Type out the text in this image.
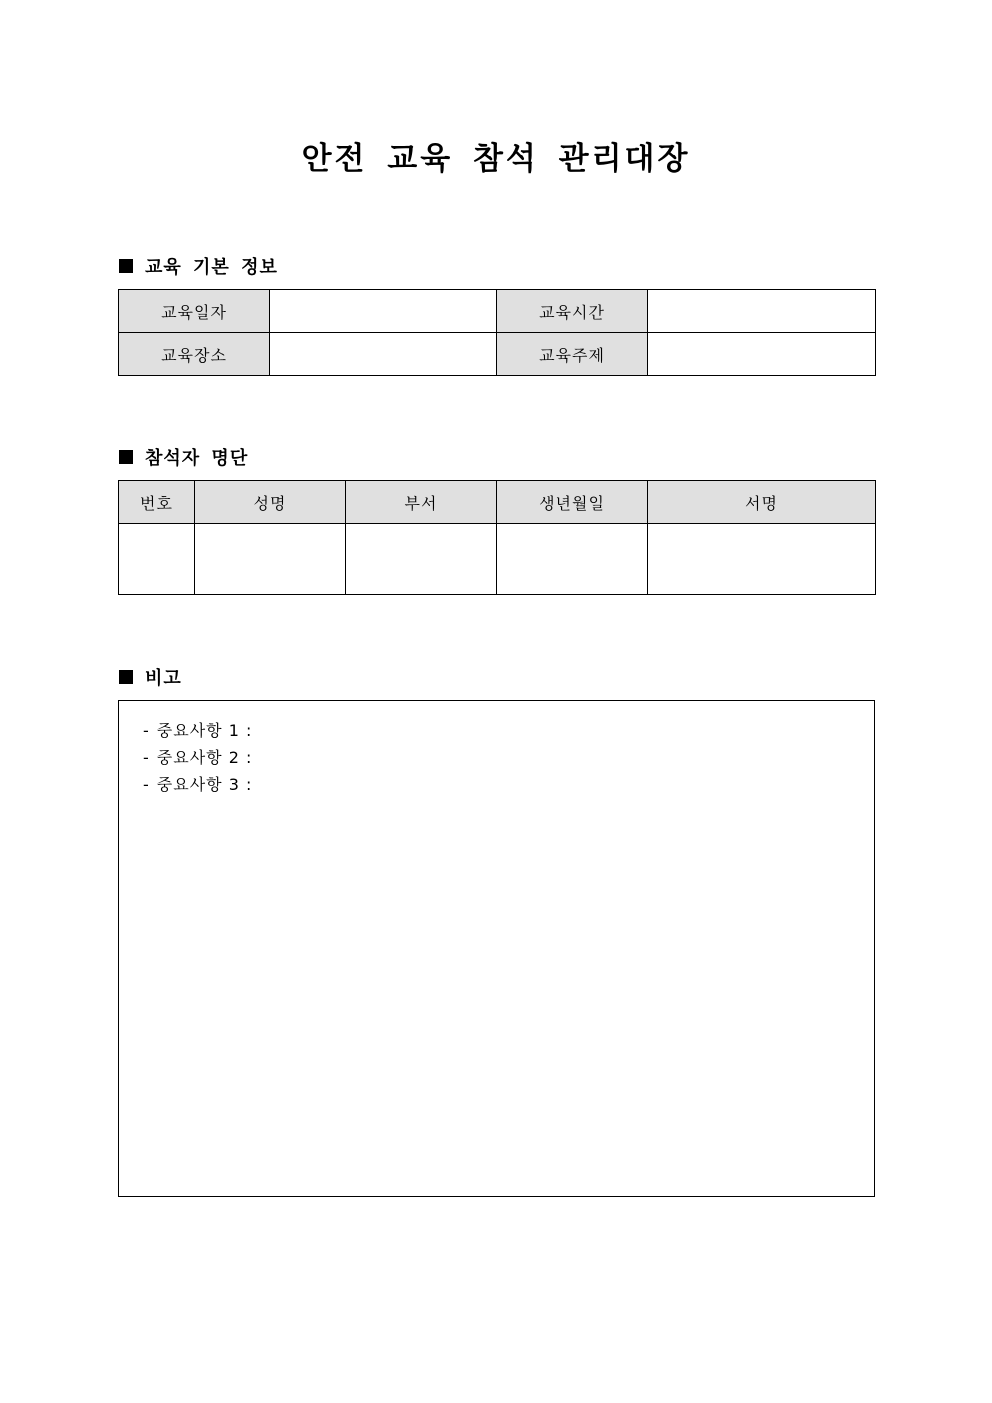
안전 교육 참석 관리대장
교육 기본 정보
교육일자		교육시간	
교육장소		교육주제	
참석자 명단
번호	성명	부서	생년월일	서명

비고
- 중요사항 1 :
- 중요사항 2 :
- 중요사항 3 :
